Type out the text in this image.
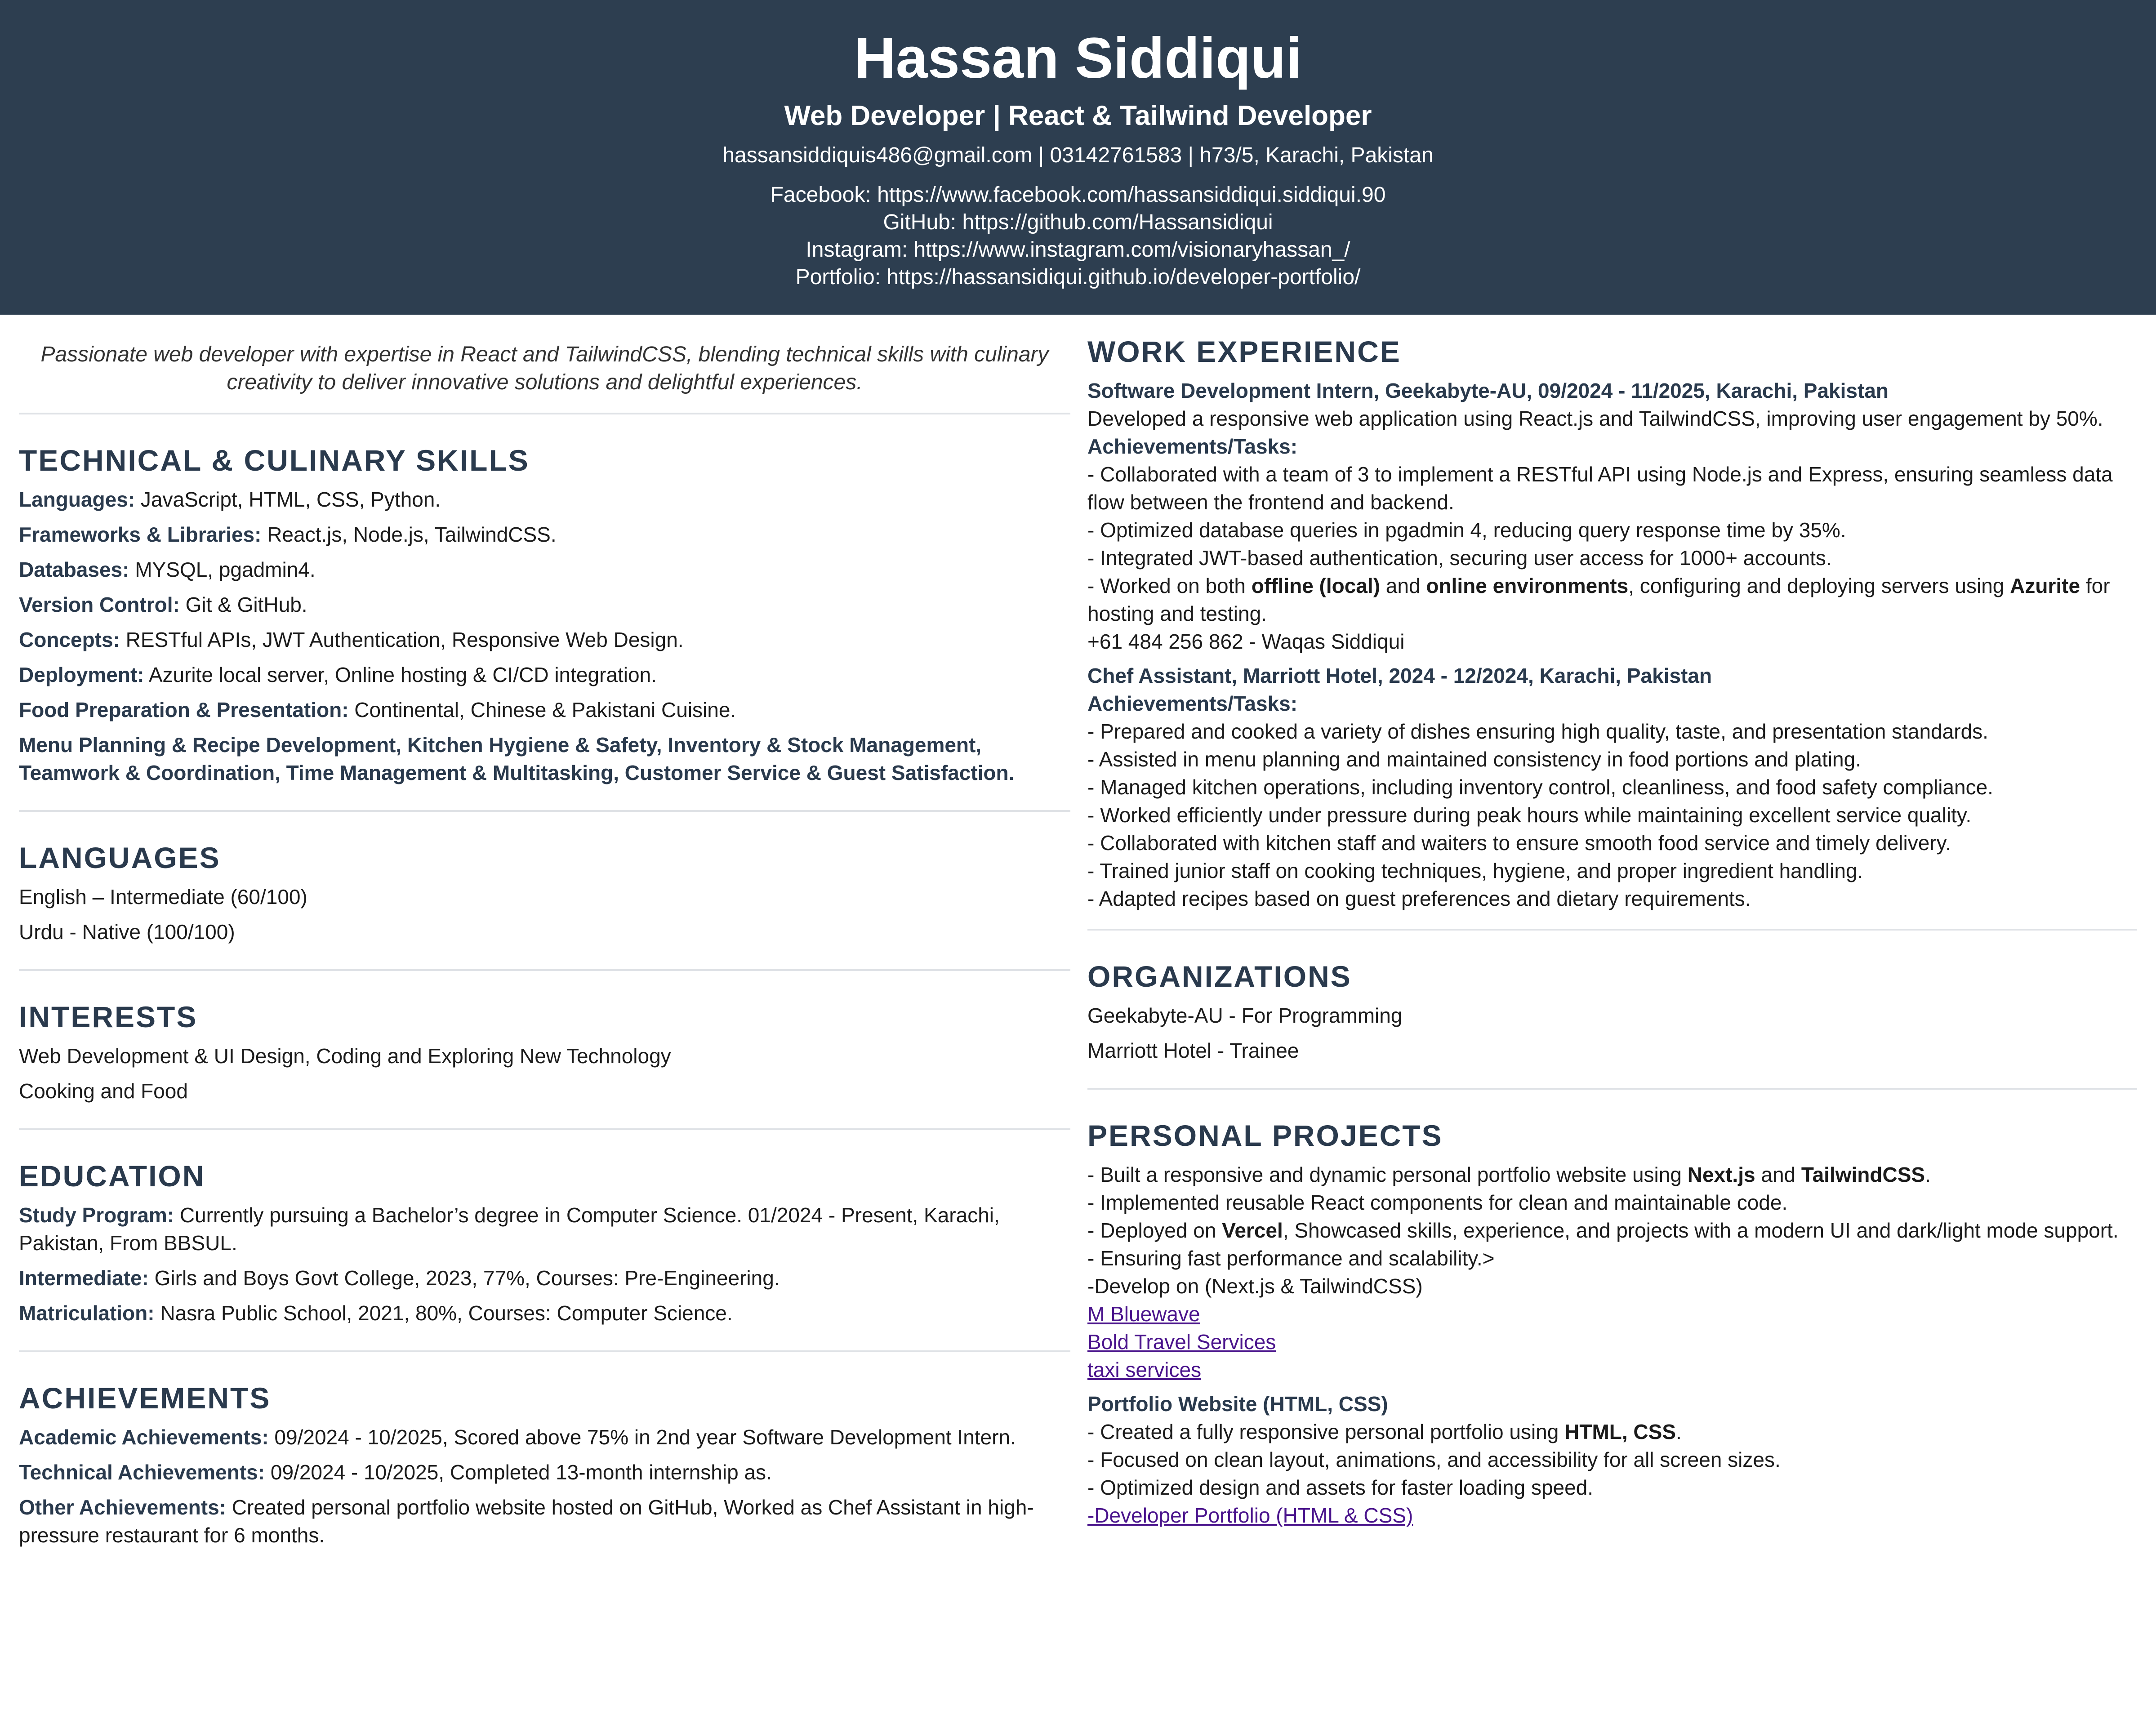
Hassan Siddiqui
Web Developer | React & Tailwind Developer
hassansiddiquis486@gmail.com | 03142761583 | h73/5, Karachi, Pakistan
Facebook: https://www.facebook.com/hassansiddiqui.siddiqui.90
GitHub: https://github.com/Hassansidiqui
Instagram: https://www.instagram.com/visionaryhassan_/
Portfolio: https://hassansidiqui.github.io/developer-portfolio/
Passionate web developer with expertise in React and TailwindCSS, blending technical skills with culinary creativity to deliver innovative solutions and delightful experiences.
TECHNICAL & CULINARY SKILLS
Languages: JavaScript, HTML, CSS, Python.
Frameworks & Libraries: React.js, Node.js, TailwindCSS.
Databases: MYSQL, pgadmin4.
Version Control: Git & GitHub.
Concepts: RESTful APIs, JWT Authentication, Responsive Web Design.
Deployment: Azurite local server, Online hosting & CI/CD integration.
Food Preparation & Presentation: Continental, Chinese & Pakistani Cuisine.
Menu Planning & Recipe Development, Kitchen Hygiene & Safety, Inventory & Stock Management, Teamwork & Coordination, Time Management & Multitasking, Customer Service & Guest Satisfaction.
LANGUAGES
English – Intermediate (60/100)
Urdu - Native (100/100)
INTERESTS
Web Development & UI Design, Coding and Exploring New Technology
Cooking and Food
EDUCATION
Study Program: Currently pursuing a Bachelor’s degree in Computer Science. 01/2024 - Present, Karachi, Pakistan, From BBSUL.
Intermediate: Girls and Boys Govt College, 2023, 77%, Courses: Pre-Engineering.
Matriculation: Nasra Public School, 2021, 80%, Courses: Computer Science.
ACHIEVEMENTS
Academic Achievements: 09/2024 - 10/2025, Scored above 75% in 2nd year Software Development Intern.
Technical Achievements: 09/2024 - 10/2025, Completed 13-month internship as.
Other Achievements: Created personal portfolio website hosted on GitHub, Worked as Chef Assistant in high-pressure restaurant for 6 months.
WORK EXPERIENCE
Software Development Intern, Geekabyte-AU, 09/2024 - 11/2025, Karachi, Pakistan
Developed a responsive web application using React.js and TailwindCSS, improving user engagement by 50%.
Achievements/Tasks:
- Collaborated with a team of 3 to implement a RESTful API using Node.js and Express, ensuring seamless data flow between the frontend and backend.
- Optimized database queries in pgadmin 4, reducing query response time by 35%.
- Integrated JWT-based authentication, securing user access for 1000+ accounts.
- Worked on both offline (local) and online environments, configuring and deploying servers using Azurite for hosting and testing.
+61 484 256 862 - Waqas Siddiqui
Chef Assistant, Marriott Hotel, 2024 - 12/2024, Karachi, Pakistan
Achievements/Tasks:
- Prepared and cooked a variety of dishes ensuring high quality, taste, and presentation standards.
- Assisted in menu planning and maintained consistency in food portions and plating.
- Managed kitchen operations, including inventory control, cleanliness, and food safety compliance.
- Worked efficiently under pressure during peak hours while maintaining excellent service quality.
- Collaborated with kitchen staff and waiters to ensure smooth food service and timely delivery.
- Trained junior staff on cooking techniques, hygiene, and proper ingredient handling.
- Adapted recipes based on guest preferences and dietary requirements.
ORGANIZATIONS
Geekabyte-AU - For Programming
Marriott Hotel - Trainee
PERSONAL PROJECTS
- Built a responsive and dynamic personal portfolio website using Next.js and TailwindCSS.
- Implemented reusable React components for clean and maintainable code.
- Deployed on Vercel, Showcased skills, experience, and projects with a modern UI and dark/light mode support.
- Ensuring fast performance and scalability.>
-Develop on (Next.js & TailwindCSS)
M Bluewave
Bold Travel Services
taxi services
Portfolio Website (HTML, CSS)
- Created a fully responsive personal portfolio using HTML, CSS.
- Focused on clean layout, animations, and accessibility for all screen sizes.
- Optimized design and assets for faster loading speed.
-Developer Portfolio (HTML & CSS)
